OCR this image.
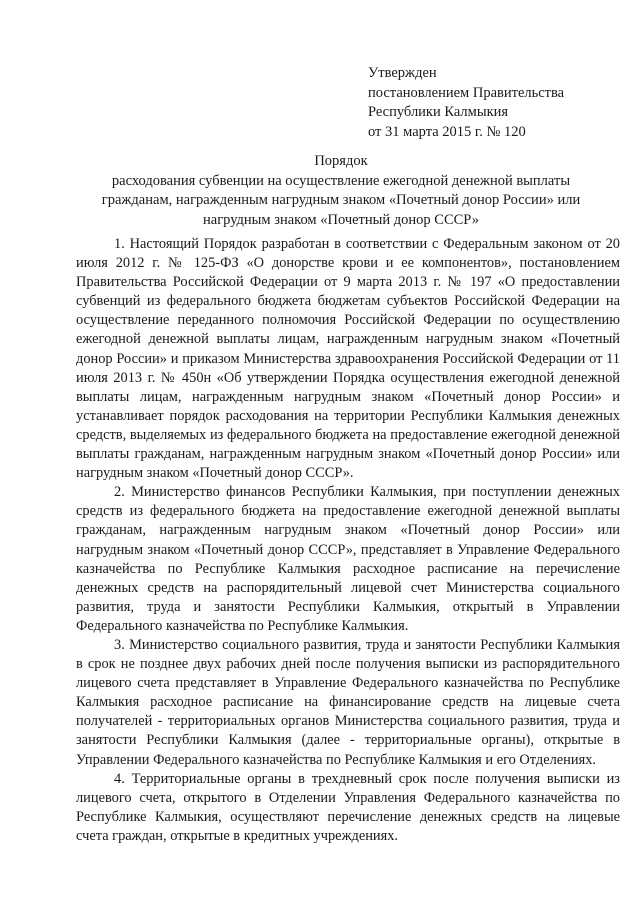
Утвержден
постановлением Правительства
Республики Калмыкия
от 31 марта 2015 г. № 120
Порядок
расходования субвенции на осуществление ежегодной денежной выплаты
гражданам, награжденным нагрудным знаком «Почетный донор России» или
нагрудным знаком «Почетный донор СССР»

1. Настоящий Порядок разработан в соответствии с Федеральным законом от 20 июля 2012 г. № 125-ФЗ «О донорстве крови и ее компонентов», постановлением Правительства Российской Федерации от 9 марта 2013 г. № 197 «О предоставлении субвенций из федерального бюджета бюджетам субъектов Российской Федерации на осуществление переданного полномочия Российской Федерации по осуществлению ежегодной денежной выплаты лицам, награжденным нагрудным знаком «Почетный донор России» и приказом Министерства здравоохранения Российской Федерации от 11 июля 2013 г. № 450н «Об утверждении Порядка осуществления ежегодной денежной выплаты лицам, награжденным нагрудным знаком «Почетный донор России» и устанавливает порядок расходования на территории Республики Калмыкия денежных средств, выделяемых из федерального бюджета на предоставление ежегодной денежной выплаты гражданам, награжденным нагрудным знаком «Почетный донор России» или нагрудным знаком «Почетный донор СССР».

2. Министерство финансов Республики Калмыкия, при поступлении денежных средств из федерального бюджета на предоставление ежегодной денежной выплаты гражданам, награжденным нагрудным знаком «Почетный донор России» или нагрудным знаком «Почетный донор СССР», представляет в Управление Федерального казначейства по Республике Калмыкия расходное расписание на перечисление денежных средств на распорядительный лицевой счет Министерства социального развития, труда и занятости Республики Калмыкия, открытый в Управлении Федерального казначейства по Республике Калмыкия.

3. Министерство социального развития, труда и занятости Республики Калмыкия в срок не позднее двух рабочих дней после получения выписки из распорядительного лицевого счета представляет в Управление Федерального казначейства по Республике Калмыкия расходное расписание на финансирование средств на лицевые счета получателей - территориальных органов Министерства социального развития, труда и занятости Республики Калмыкия (далее - территориальные органы), открытые в Управлении Федерального казначейства по Республике Калмыкия и его Отделениях.

4. Территориальные органы в трехдневный срок после получения выписки из лицевого счета, открытого в Отделении Управления Федерального казначейства по Республике Калмыкия, осуществляют перечисление денежных средств на лицевые счета граждан, открытые в кредитных учреждениях.
